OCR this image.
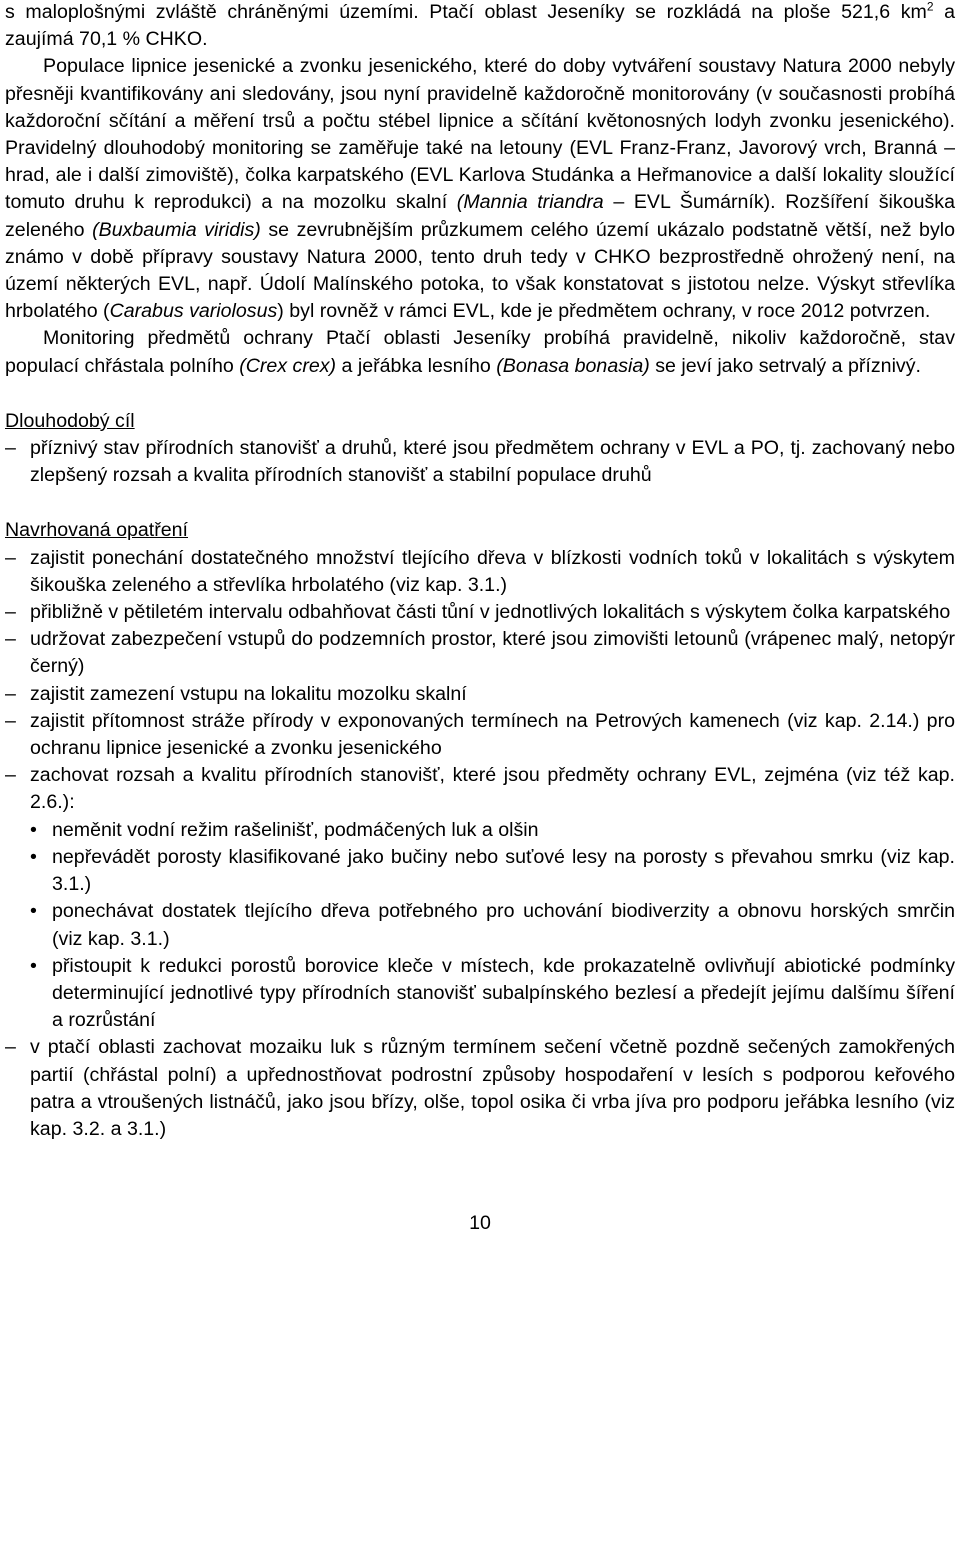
s maloplošnými zvláště chráněnými územími. Ptačí oblast Jeseníky se rozkládá na ploše 521,6 $km^2$ a zaujímá 70,1 % CHKO.

Populace lipnice jesenické a zvonku jesenického, které do doby vytváření soustavy Natura 2000 nebyly přesněji kvantifikovány ani sledovány, jsou nyní pravidelně každoročně monitorovány (v současnosti probíhá každoroční sčítání a měření trsů a počtu stébel lipnice a sčítání květonosných lodyh zvonku jesenického). Pravidelný dlouhodobý monitoring se zaměřuje také na letouny (EVL Franz-Franz, Javorový vrch, Branná – hrad, ale i další zimoviště), čolka karpatského (EVL Karlova Studánka a Heřmanovice a další lokality sloužící tomuto druhu k reprodukci) a na mozolku skalní (Mannia triandra – EVL Šumárník). Rozšíření šikouška zeleného (Buxbaumia viridis) se zevrubnějším průzkumem celého území ukázalo podstatně větší, než bylo známo v době přípravy soustavy Natura 2000, tento druh tedy v CHKO bezprostředně ohrožený není, na území některých EVL, např. Údolí Malínského potoka, to však konstatovat s jistotou nelze. Výskyt střevlíka hrbolatého (Carabus variolosus) byl rovněž v rámci EVL, kde je předmětem ochrany, v roce 2012 potvrzen.

Monitoring předmětů ochrany Ptačí oblasti Jeseníky probíhá pravidelně, nikoliv každoročně, stav populací chřástala polního (Crex crex) a jeřábka lesního (Bonasa bonasia) se jeví jako setrvalý a příznivý.

Dlouhodobý cíl

– příznivý stav přírodních stanovišť a druhů, které jsou předmětem ochrany v EVL a PO, tj. zachovaný nebo zlepšený rozsah a kvalita přírodních stanovišť a stabilní populace druhů

Navrhovaná opatření

– zajistit ponechání dostatečného množství tlejícího dřeva v blízkosti vodních toků v lokalitách s výskytem šikouška zeleného a střevlíka hrbolatého (viz kap. 3.1.)
– přibližně v pětiletém intervalu odbahňovat části tůní v jednotlivých lokalitách s výskytem čolka karpatského
– udržovat zabezpečení vstupů do podzemních prostor, které jsou zimovišti letounů (vrápenec malý, netopýr černý)
– zajistit zamezení vstupu na lokalitu mozolku skalní
– zajistit přítomnost stráže přírody v exponovaných termínech na Petrových kamenech (viz kap. 2.14.) pro ochranu lipnice jesenické a zvonku jesenického
– zachovat rozsah a kvalitu přírodních stanovišť, které jsou předměty ochrany EVL, zejména (viz též kap. 2.6.):
• neměnit vodní režim rašelinišť, podmáčených luk a olšin
• nepřevádět porosty klasifikované jako bučiny nebo suťové lesy na porosty s převahou smrku (viz kap. 3.1.)
• ponechávat dostatek tlejícího dřeva potřebného pro uchování biodiverzity a obnovu horských smrčin (viz kap. 3.1.)
• přistoupit k redukci porostů borovice kleče v místech, kde prokazatelně ovlivňují abiotické podmínky determinující jednotlivé typy přírodních stanovišť subalpínského bezlesí a předejít jejímu dalšímu šíření a rozrůstání
– v ptačí oblasti zachovat mozaiku luk s různým termínem sečení včetně pozdně sečených zamokřených partií (chřástal polní) a upřednostňovat podrostní způsoby hospodaření v lesích s podporou keřového patra a vtroušených listnáčů, jako jsou břízy, olše, topol osika či vrba jíva pro podporu jeřábka lesního (viz kap. 3.2. a 3.1.)
10
